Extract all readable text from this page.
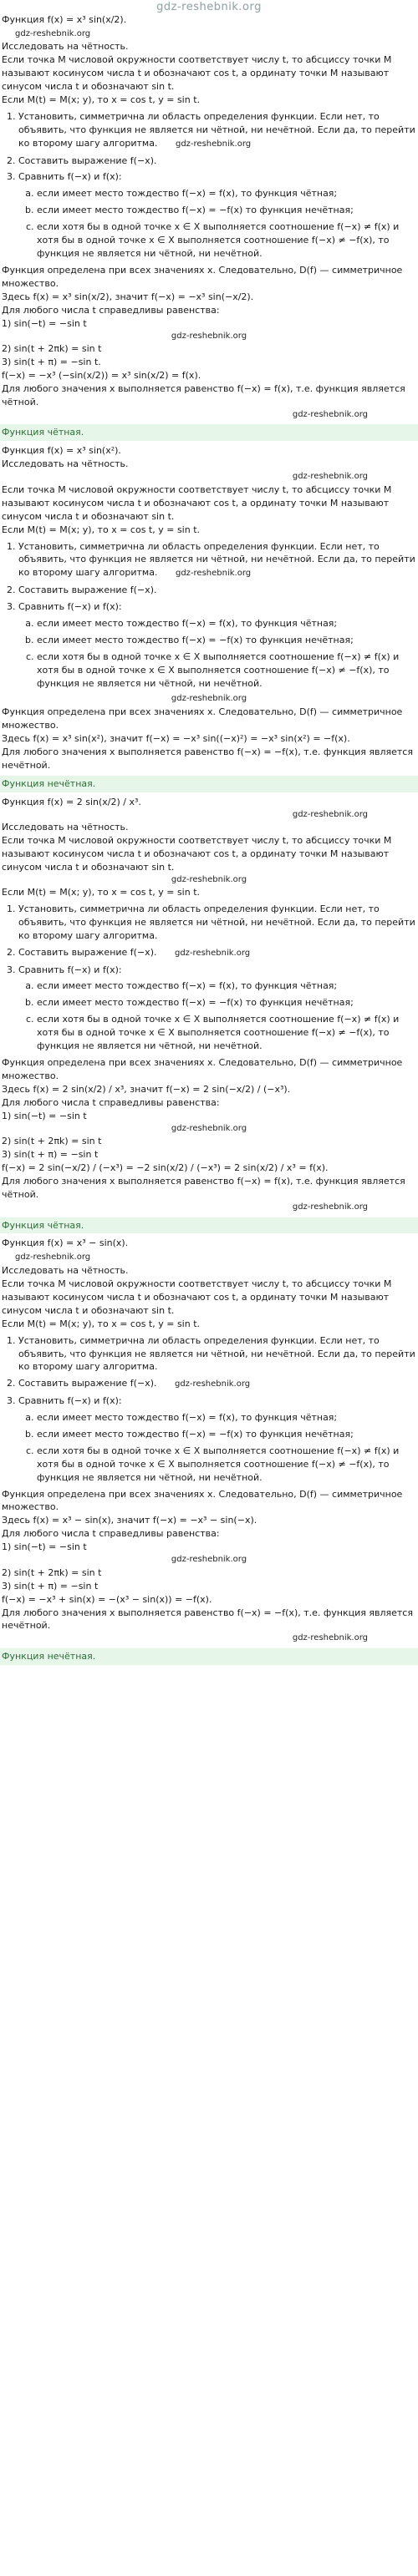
gdz-reshebnik.org
Функция f(x) = x³ sin(x/2).
gdz-reshebnik.org
Исследовать на чётность.
Если точка M числовой окружности соответствует числу t, то абсциссу точки M называют косинусом числа t и обозначают cos t, а ординату точки M называют синусом числа t и обозначают sin t.
Если M(t) = M(x; y), то x = cos t, y = sin t.
1. Установить, симметрична ли область определения функции. Если нет, то объявить, что функция не является ни чётной, ни нечётной. Если да, то перейти ко второму шагу алгоритма. gdz-reshebnik.org
2. Составить выражение f(−x).
3. Сравнить f(−x) и f(x):
a. если имеет место тождество f(−x) = f(x), то функция чётная;
b. если имеет место тождество f(−x) = −f(x) то функция нечётная;
c. если хотя бы в одной точке x ∈ X выполняется соотношение f(−x) ≠ f(x) и хотя бы в одной точке x ∈ X выполняется соотношение f(−x) ≠ −f(x), то функция не является ни чётной, ни нечётной.
Функция определена при всех значениях x. Следовательно, D(f) — симметричное множество.
Здесь f(x) = x³ sin(x/2), значит f(−x) = −x³ sin(−x/2).
Для любого числа t справедливы равенства:
1) sin(−t) = −sin t
gdz-reshebnik.org
2) sin(t + 2πk) = sin t
3) sin(t + π) = −sin t.
f(−x) = −x³ (−sin(x/2)) = x³ sin(x/2) = f(x).
Для любого значения x выполняется равенство f(−x) = f(x), т.е. функция является чётной.
gdz-reshebnik.org
Функция чётная.
Функция f(x) = x³ sin(x²).
Исследовать на чётность.
gdz-reshebnik.org
Если точка M числовой окружности соответствует числу t, то абсциссу точки M называют косинусом числа t и обозначают cos t, а ординату точки M называют синусом числа t и обозначают sin t.
Если M(t) = M(x; y), то x = cos t, y = sin t.
1. Установить, симметрична ли область определения функции. Если нет, то объявить, что функция не является ни чётной, ни нечётной. Если да, то перейти ко второму шагу алгоритма. gdz-reshebnik.org
2. Составить выражение f(−x).
3. Сравнить f(−x) и f(x):
a. если имеет место тождество f(−x) = f(x), то функция чётная;
b. если имеет место тождество f(−x) = −f(x) то функция нечётная;
c. если хотя бы в одной точке x ∈ X выполняется соотношение f(−x) ≠ f(x) и хотя бы в одной точке x ∈ X выполняется соотношение f(−x) ≠ −f(x), то функция не является ни чётной, ни нечётной.
gdz-reshebnik.org
Функция определена при всех значениях x. Следовательно, D(f) — симметричное множество.
Здесь f(x) = x³ sin(x²), значит f(−x) = −x³ sin((−x)²) = −x³ sin(x²) = −f(x).
Для любого значения x выполняется равенство f(−x) = −f(x), т.е. функция является нечётной.
Функция нечётная.
Функция f(x) = 2 sin(x/2) / x³.
gdz-reshebnik.org
Исследовать на чётность.
Если точка M числовой окружности соответствует числу t, то абсциссу точки M называют косинусом числа t и обозначают cos t, а ординату точки M называют синусом числа t и обозначают sin t.
gdz-reshebnik.org
Если M(t) = M(x; y), то x = cos t, y = sin t.
1. Установить, симметрична ли область определения функции. Если нет, то объявить, что функция не является ни чётной, ни нечётной. Если да, то перейти ко второму шагу алгоритма.
2. Составить выражение f(−x). gdz-reshebnik.org
3. Сравнить f(−x) и f(x):
a. если имеет место тождество f(−x) = f(x), то функция чётная;
b. если имеет место тождество f(−x) = −f(x) то функция нечётная;
c. если хотя бы в одной точке x ∈ X выполняется соотношение f(−x) ≠ f(x) и хотя бы в одной точке x ∈ X выполняется соотношение f(−x) ≠ −f(x), то функция не является ни чётной, ни нечётной.
Функция определена при всех значениях x. Следовательно, D(f) — симметричное множество.
Здесь f(x) = 2 sin(x/2) / x³, значит f(−x) = 2 sin(−x/2) / (−x³).
Для любого числа t справедливы равенства:
1) sin(−t) = −sin t
gdz-reshebnik.org
2) sin(t + 2πk) = sin t
3) sin(t + π) = −sin t
f(−x) = 2 sin(−x/2) / (−x³) = −2 sin(x/2) / (−x³) = 2 sin(x/2) / x³ = f(x).
Для любого значения x выполняется равенство f(−x) = f(x), т.е. функция является чётной.
gdz-reshebnik.org
Функция чётная.
Функция f(x) = x³ − sin(x).
gdz-reshebnik.org
Исследовать на чётность.
Если точка M числовой окружности соответствует числу t, то абсциссу точки M называют косинусом числа t и обозначают cos t, а ординату точки M называют синусом числа t и обозначают sin t.
Если M(t) = M(x; y), то x = cos t, y = sin t.
1. Установить, симметрична ли область определения функции. Если нет, то объявить, что функция не является ни чётной, ни нечётной. Если да, то перейти ко второму шагу алгоритма.
2. Составить выражение f(−x). gdz-reshebnik.org
3. Сравнить f(−x) и f(x):
a. если имеет место тождество f(−x) = f(x), то функция чётная;
b. если имеет место тождество f(−x) = −f(x) то функция нечётная;
c. если хотя бы в одной точке x ∈ X выполняется соотношение f(−x) ≠ f(x) и хотя бы в одной точке x ∈ X выполняется соотношение f(−x) ≠ −f(x), то функция не является ни чётной, ни нечётной.
Функция определена при всех значениях x. Следовательно, D(f) — симметричное множество.
Здесь f(x) = x³ − sin(x), значит f(−x) = −x³ − sin(−x).
Для любого числа t справедливы равенства:
1) sin(−t) = −sin t
gdz-reshebnik.org
2) sin(t + 2πk) = sin t
3) sin(t + π) = −sin t
f(−x) = −x³ + sin(x) = −(x³ − sin(x)) = −f(x).
Для любого значения x выполняется равенство f(−x) = −f(x), т.е. функция является нечётной.
gdz-reshebnik.org
Функция нечётная.
